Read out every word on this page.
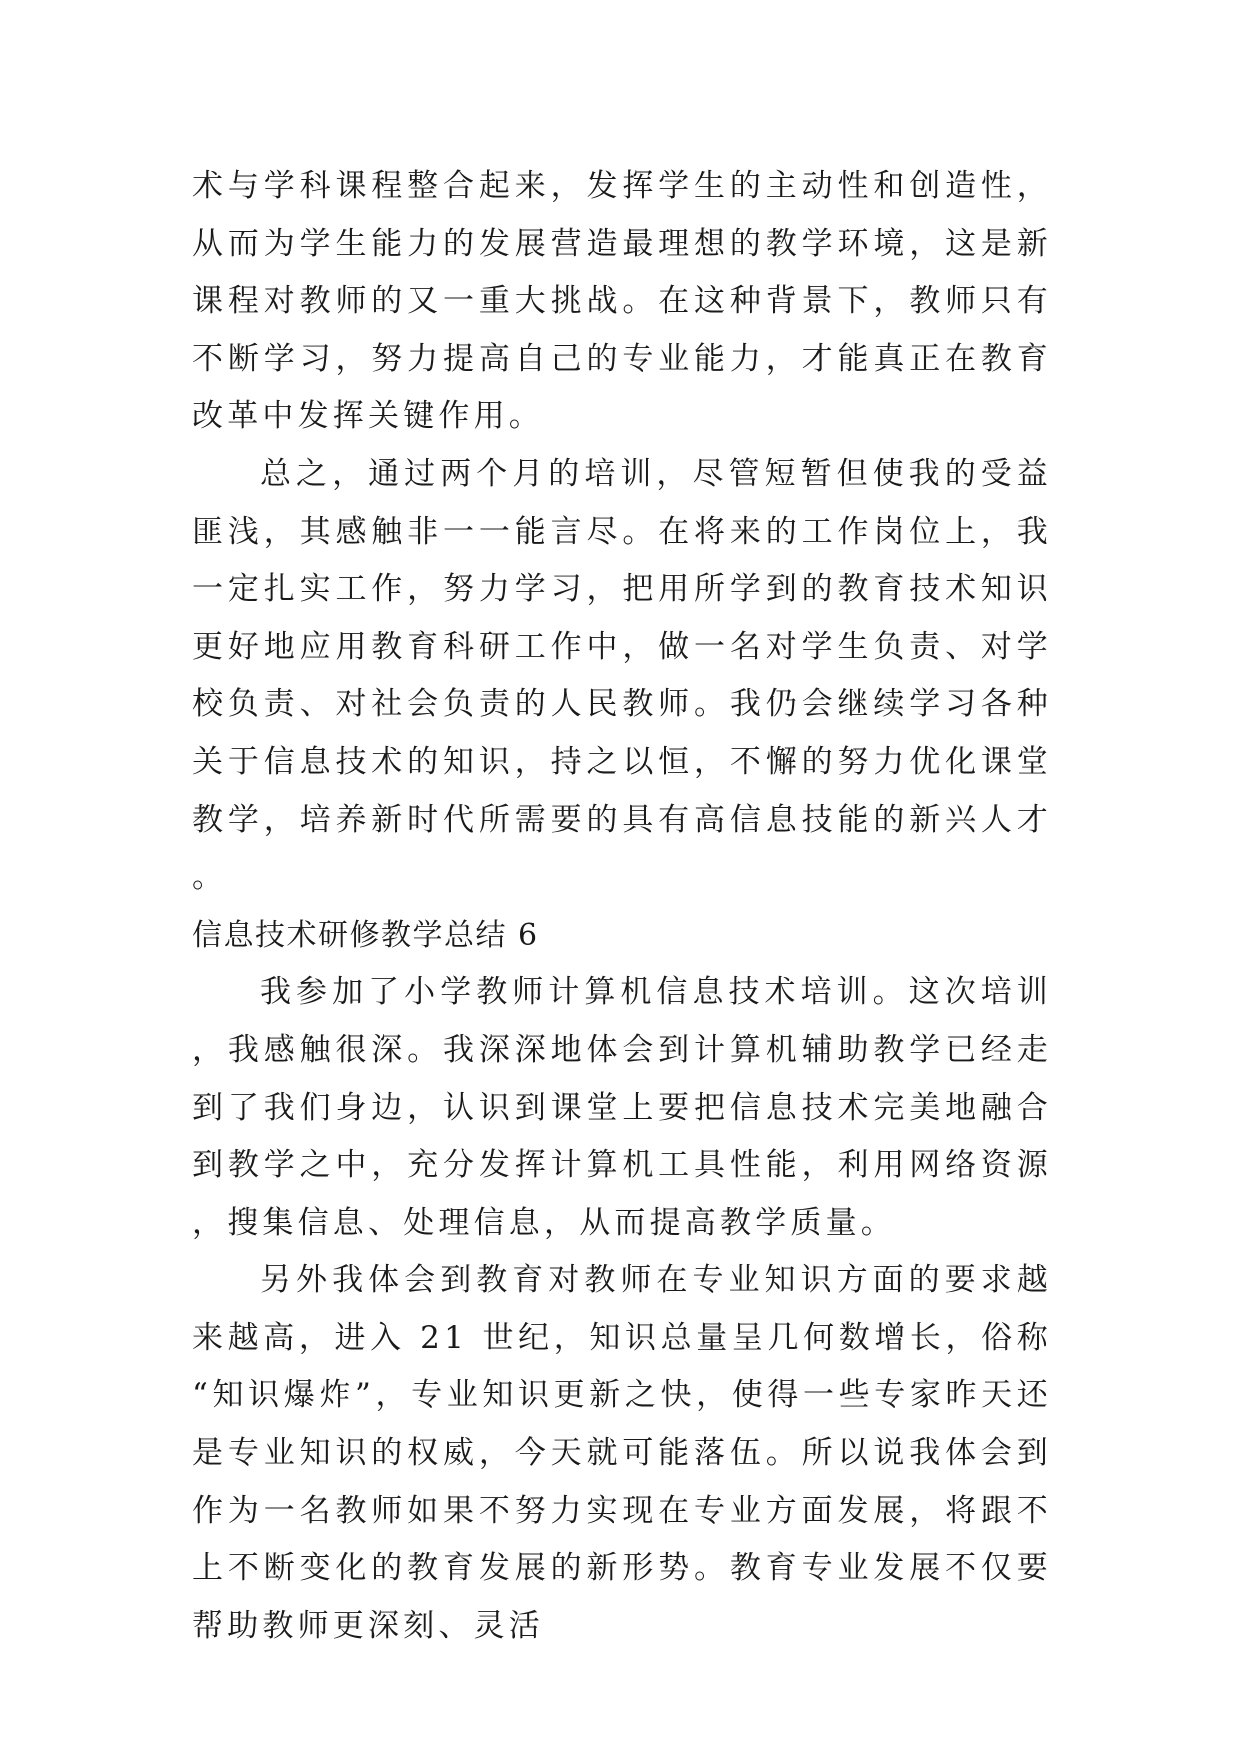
术与学科课程整合起来，发挥学生的主动性和创造性，从而为学生能力的发展营造最理想的教学环境，这是新课程对教师的又一重大挑战。在这种背景下，教师只有不断学习，努力提高自己的专业能力，才能真正在教育改革中发挥关键作用。

总之，通过两个月的培训，尽管短暂但使我的受益匪浅，其感触非一一能言尽。在将来的工作岗位上，我一定扎实工作，努力学习，把用所学到的教育技术知识更好地应用教育科研工作中，做一名对学生负责、对学校负责、对社会负责的人民教师。我仍会继续学习各种关于信息技术的知识，持之以恒，不懈的努力优化课堂教学，培养新时代所需要的具有高信息技能的新兴人才。

信息技术研修教学总结 6

我参加了小学教师计算机信息技术培训。这次培训，我感触很深。我深深地体会到计算机辅助教学已经走到了我们身边，认识到课堂上要把信息技术完美地融合到教学之中，充分发挥计算机工具性能，利用网络资源，搜集信息、处理信息，从而提高教学质量。

另外我体会到教育对教师在专业知识方面的要求越来越高，进入 21 世纪，知识总量呈几何数增长，俗称“知识爆炸”，专业知识更新之快，使得一些专家昨天还是专业知识的权威，今天就可能落伍。所以说我体会到作为一名教师如果不努力实现在专业方面发展，将跟不上不断变化的教育发展的新形势。教育专业发展不仅要帮助教师更深刻、灵活
